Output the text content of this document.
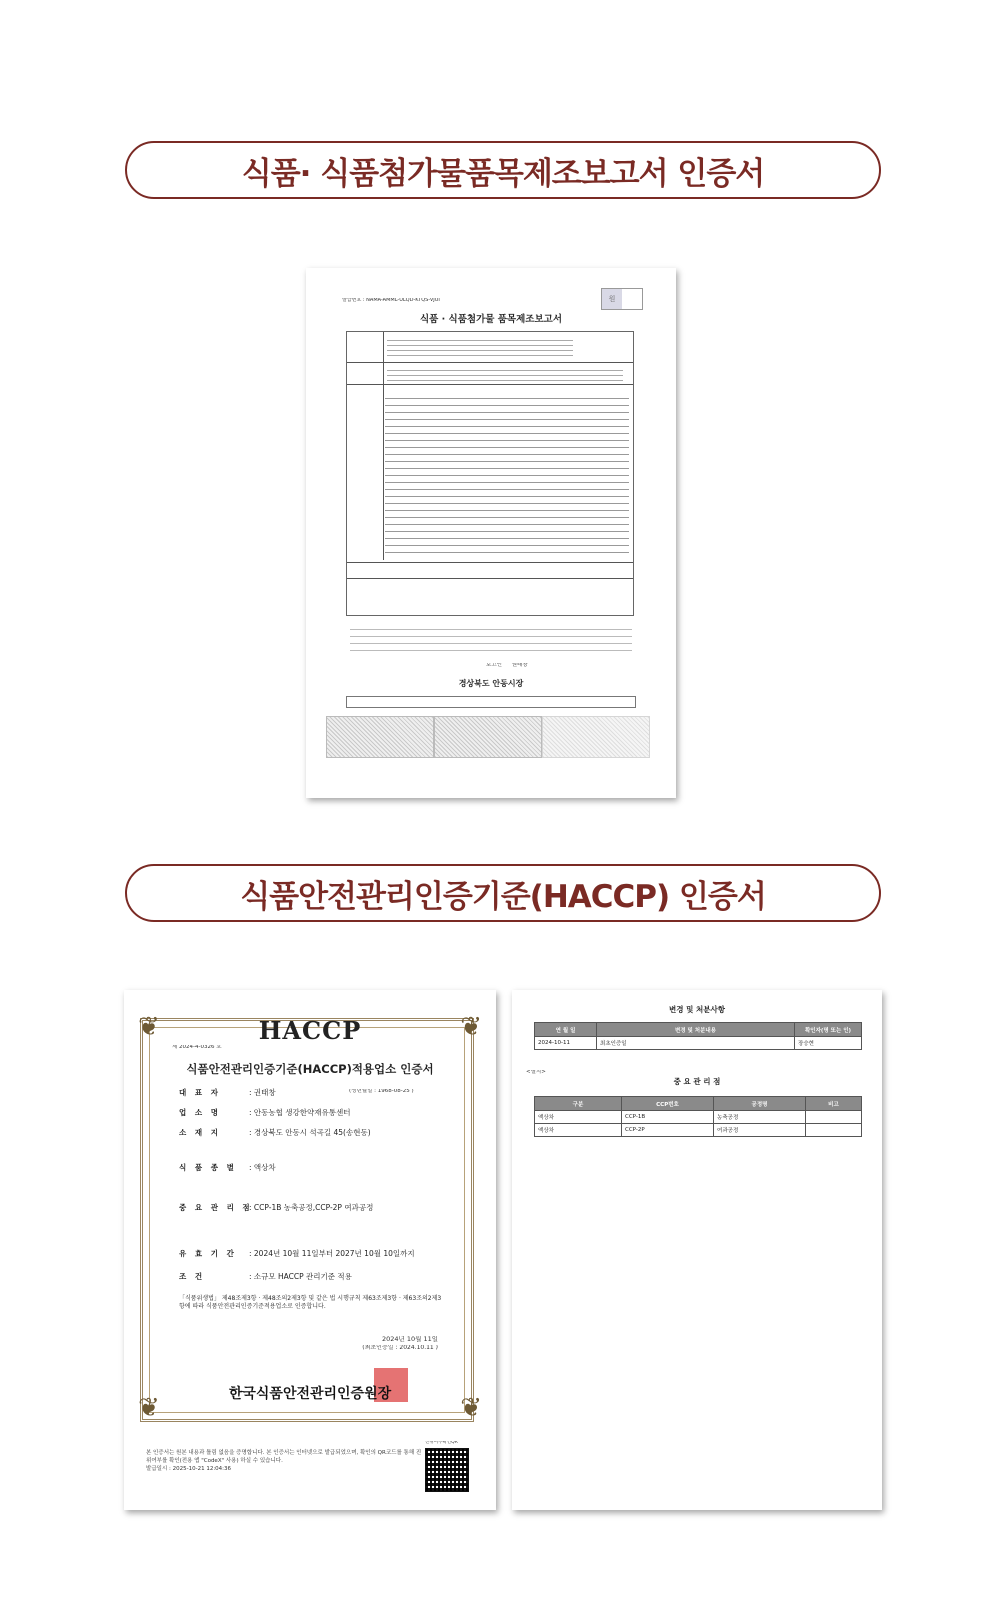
식품· 식품첨가물품목제조보고서 인증서
발급번호 : NAMA-AMML-ULQD-KTQS-VJUI	원
식품 · 식품첨가물 품목제조보고서
보고인 권태창
경상북도 안동시장
식품안전관리인증기준(HACCP) 인증서
❦	❦
❦	❦
HACCP
제 2024-4-0326 호
식품안전관리인증기준(HACCP)적용업소 인증서
(생년월일 : 1968-08-25 )
대 표 자	: 권태창
업 소 명	: 안동농협 생강한약재유통센터
소 재 지	: 경상북도 안동시 석곡길 45(송현동)
식 품 종 별	: 액상차
중 요 관 리 점
: CCP-1B 농축공정,CCP-2P 여과공정
유 효 기 간	: 2024년 10월 11일부터 2027년 10월 10일까지
조 건	: 소규모 HACCP 관리기준 적용
「식품위생법」 제48조제3항 · 제48조의2제3항 및 같은 법 시행규칙 제63조제3항 · 제63조의2제3항에 따라 식품안전관리인증기준적용업소로 인증합니다.
2024년 10월 11일
(최초인증일 : 2024.10.11 )
한국식품안전관리인증원장
본 인증서는 원본 내용과 틀림 없음을 증명합니다. 본 인증서는 인터넷으로 발급되었으며, 확인의 QR코드를 통해 진위여부를 확인(전용 앱 "CodeX" 사용) 하실 수 있습니다.
발급일시 : 2025-10-21 12:04:36
진위여부확인QR
변경 및 처분사항
연 월 일	변경 및 처분내용	확인자(명 또는 인)
2024-10-11	최초인증일	장승현
<별지>
중 요 관 리 점
구분	CCP번호	공정명	비고
액상차	CCP-1B	농축공정	
액상차	CCP-2P	여과공정	
